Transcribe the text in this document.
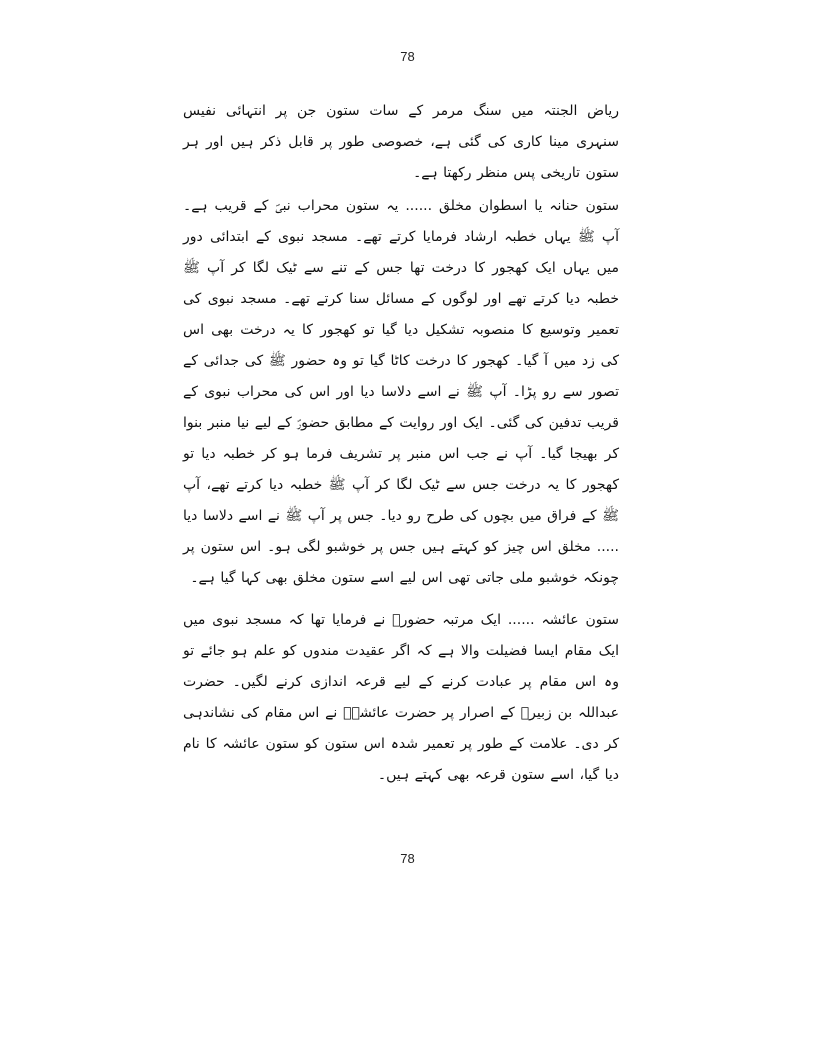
78

ریاض الجنتہ میں سنگ مرمر کے سات ستون جن پر انتہائی نفیس سنہری مینا کاری کی گئی ہے، خصوصی طور پر قابل ذکر ہیں اور ہر ستون تاریخی پس منظر رکھتا ہے۔

ستون حنانہ یا اسطوان مخلق ...... یہ ستون محراب نبیؐ کے قریب ہے۔ آپ ﷺ یہاں خطبہ ارشاد فرمایا کرتے تھے۔ مسجد نبوی کے ابتدائی دور میں یہاں ایک کھجور کا درخت تھا جس کے تنے سے ٹیک لگا کر آپ ﷺ خطبہ دیا کرتے تھے اور لوگوں کے مسائل سنا کرتے تھے۔ مسجد نبوی کی تعمیر وتوسیع کا منصوبہ تشکیل دیا گیا تو کھجور کا یہ درخت بھی اس کی زد میں آ گیا۔ کھجور کا درخت کاٹا گیا تو وہ حضور ﷺ کی جدائی کے تصور سے رو پڑا۔ آپ ﷺ نے اسے دلاسا دیا اور اس کی محراب نبوی کے قریب تدفین کی گئی۔ ایک اور روایت کے مطابق حضورؐ کے لیے نیا منبر بنوا کر بھیجا گیا۔ آپ نے جب اس منبر پر تشریف فرما ہو کر خطبہ دیا تو کھجور کا یہ درخت جس سے ٹیک لگا کر آپ ﷺ خطبہ دیا کرتے تھے، آپ ﷺ کے فراق میں بچوں کی طرح رو دیا۔ جس پر آپ ﷺ نے اسے دلاسا دیا ..... مخلق اس چیز کو کہتے ہیں جس پر خوشبو لگی ہو۔ اس ستون پر چونکہ خوشبو ملی جاتی تھی اس لیے اسے ستون مخلق بھی کہا گیا ہے۔

ستون عائشہ ...... ایک مرتبہ حضورؐ نے فرمایا تھا کہ مسجد نبوی میں ایک مقام ایسا فضیلت والا ہے کہ اگر عقیدت مندوں کو علم ہو جائے تو وہ اس مقام پر عبادت کرنے کے لیے قرعہ اندازی کرنے لگیں۔ حضرت عبداللہ بن زبیرؓ کے اصرار پر حضرت عائشہؓ نے اس مقام کی نشاندہی کر دی۔ علامت کے طور پر تعمیر شدہ اس ستون کو ستون عائشہ کا نام دیا گیا، اسے ستون قرعہ بھی کہتے ہیں۔

78
